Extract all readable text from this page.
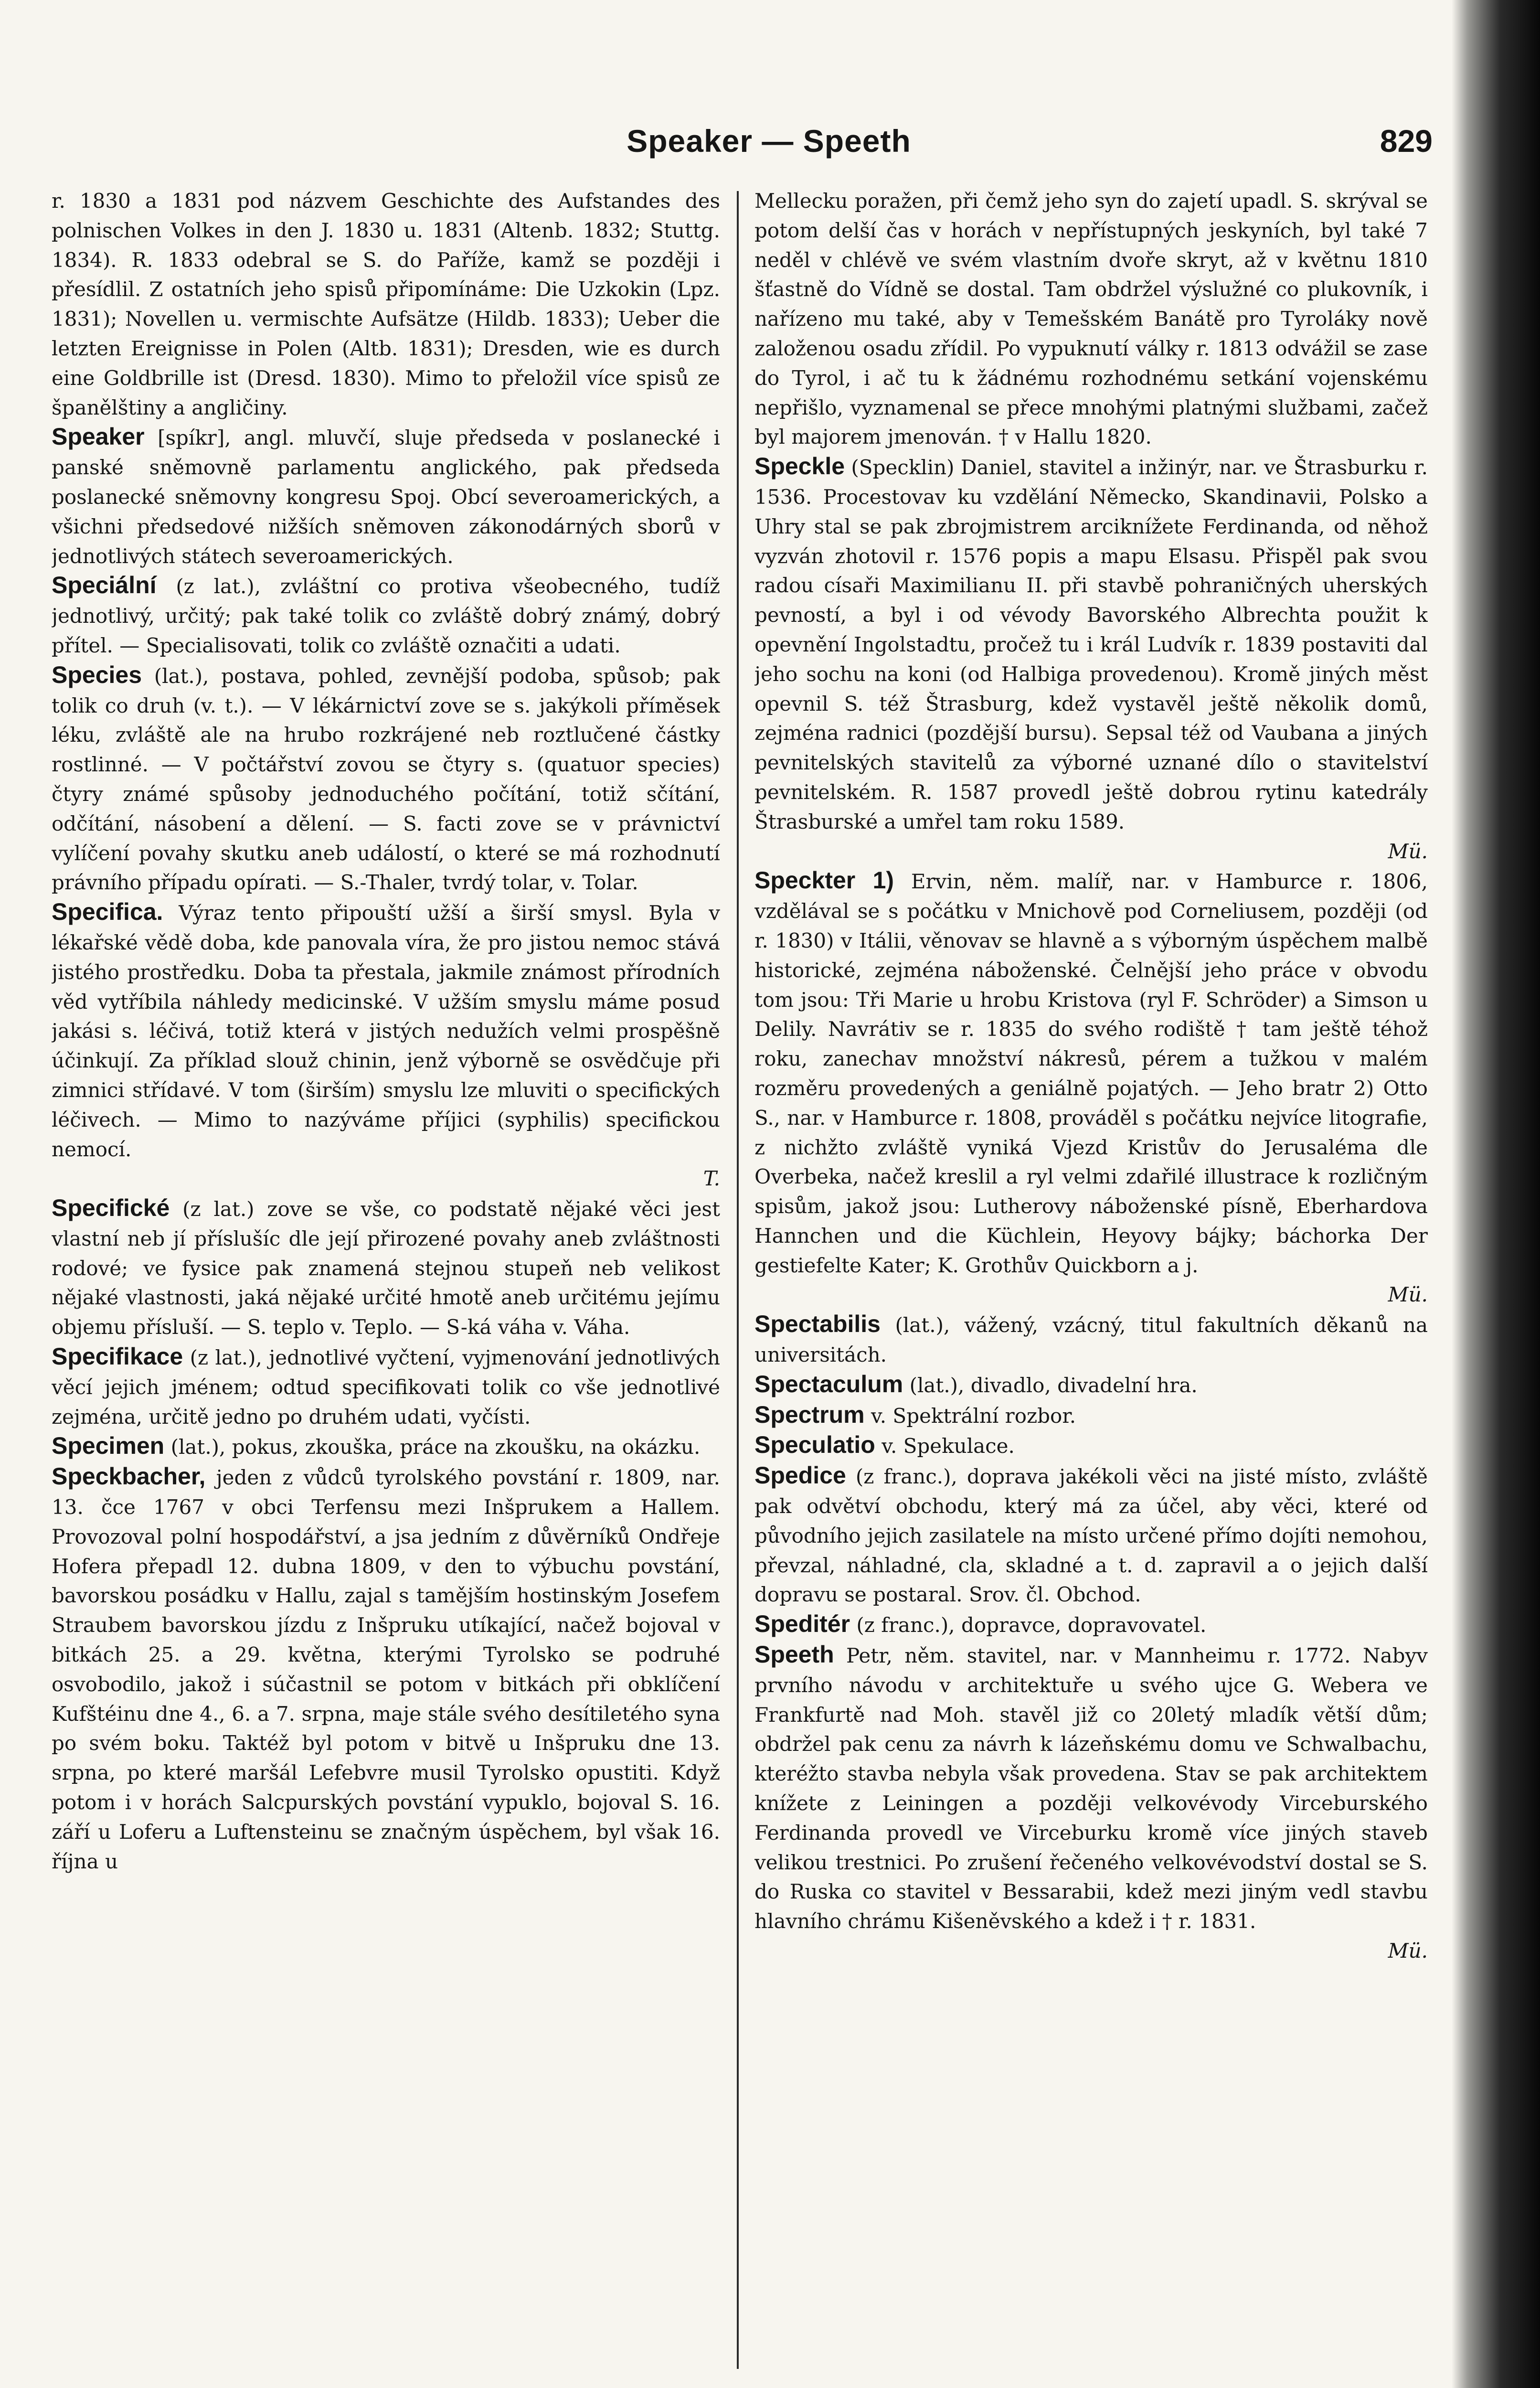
Speaker — Speeth	829

r. 1830 a 1831 pod názvem Geschichte des Aufstandes des polnischen Volkes in den J. 1830 u. 1831 (Altenb. 1832; Stuttg. 1834). R. 1833 odebral se S. do Paříže, kamž se později i přesídlil. Z ostatních jeho spisů připomínáme: Die Uzkokin (Lpz. 1831); Novellen u. vermischte Aufsätze (Hildb. 1833); Ueber die letzten Ereignisse in Polen (Altb. 1831); Dresden, wie es durch eine Goldbrille ist (Dresd. 1830). Mimo to přeložil více spisů ze španělštiny a angličiny.

Speaker [spíkr], angl. mluvčí, sluje předseda v poslanecké i panské sněmovně parlamentu anglického, pak předseda poslanecké sněmovny kongresu Spoj. Obcí severoamerických, a všichni předsedové nižších sněmoven zákonodárných sborů v jednotlivých státech severoamerických.

Speciální (z lat.), zvláštní co protiva všeobecného, tudíž jednotlivý, určitý; pak také tolik co zvláště dobrý známý, dobrý přítel. — Specialisovati, tolik co zvláště označiti a udati.

Species (lat.), postava, pohled, zevnější podoba, spůsob; pak tolik co druh (v. t.). — V lékárnictví zove se s. jakýkoli příměsek léku, zvláště ale na hrubo rozkrájené neb roztlučené částky rostlinné. — V počtářství zovou se čtyry s. (quatuor species) čtyry známé spůsoby jednoduchého počítání, totiž sčítání, odčítání, násobení a dělení. — S. facti zove se v právnictví vylíčení povahy skutku aneb událostí, o které se má rozhodnutí právního případu opírati. — S.-Thaler, tvrdý tolar, v. Tolar.

Specifica. Výraz tento připouští užší a širší smysl. Byla v lékařské vědě doba, kde panovala víra, že pro jistou nemoc stává jistého prostředku. Doba ta přestala, jakmile známost přírodních věd vytříbila náhledy medicinské. V užším smyslu máme posud jakási s. léčivá, totiž která v jistých nedužích velmi prospěšně účinkují. Za příklad slouž chinin, jenž výborně se osvědčuje při zimnici střídavé. V tom (širším) smyslu lze mluviti o specifických léčivech. — Mimo to nazýváme příjici (syphilis) specifickou nemocí.
T.

Specifické (z lat.) zove se vše, co podstatě nějaké věci jest vlastní neb jí příslušíc dle její přirozené povahy aneb zvláštnosti rodové; ve fysice pak znamená stejnou stupeň neb velikost nějaké vlastnosti, jaká nějaké určité hmotě aneb určitému jejímu objemu přísluší. — S. teplo v. Teplo. — S-ká váha v. Váha.

Specifikace (z lat.), jednotlivé vyčtení, vyjmenování jednotlivých věcí jejich jménem; odtud specifikovati tolik co vše jednotlivé zejména, určitě jedno po druhém udati, vyčísti.

Specimen (lat.), pokus, zkouška, práce na zkoušku, na okázku.

Speckbacher, jeden z vůdců tyrolského povstání r. 1809, nar. 13. čce 1767 v obci Terfensu mezi Inšprukem a Hallem. Provozoval polní hospodářství, a jsa jedním z důvěrníků Ondřeje Hofera přepadl 12. dubna 1809, v den to výbuchu povstání, bavorskou posádku v Hallu, zajal s tamějším hostinským Josefem Straubem bavorskou jízdu z Inšpruku utíkající, načež bojoval v bitkách 25. a 29. května, kterými Tyrolsko se podruhé osvobodilo, jakož i súčastnil se potom v bitkách při obklíčení Kufštéinu dne 4., 6. a 7. srpna, maje stále svého desítiletého syna po svém boku. Taktéž byl potom v bitvě u Inšpruku dne 13. srpna, po které maršál Lefebvre musil Tyrolsko opustiti. Když potom i v horách Salcpurských povstání vypuklo, bojoval S. 16. září u Loferu a Luftensteinu se značným úspěchem, byl však 16. října u

Mellecku poražen, při čemž jeho syn do zajetí upadl. S. skrýval se potom delší čas v horách v nepřístupných jeskyních, byl také 7 neděl v chlévě ve svém vlastním dvoře skryt, až v květnu 1810 šťastně do Vídně se dostal. Tam obdržel výslužné co plukovník, i nařízeno mu také, aby v Temešském Banátě pro Tyroláky nově založenou osadu zřídil. Po vypuknutí války r. 1813 odvážil se zase do Tyrol, i ač tu k žádnému rozhodnému setkání vojenskému nepřišlo, vyznamenal se přece mnohými platnými službami, začež byl majorem jmenován. † v Hallu 1820.

Speckle (Specklin) Daniel, stavitel a inžinýr, nar. ve Štrasburku r. 1536. Procestovav ku vzdělání Německo, Skandinavii, Polsko a Uhry stal se pak zbrojmistrem arciknížete Ferdinanda, od něhož vyzván zhotovil r. 1576 popis a mapu Elsasu. Přispěl pak svou radou císaři Maximilianu II. při stavbě pohraničných uherských pevností, a byl i od vévody Bavorského Albrechta použit k opevnění Ingolstadtu, pročež tu i král Ludvík r. 1839 postaviti dal jeho sochu na koni (od Halbiga provedenou). Kromě jiných měst opevnil S. též Štrasburg, kdež vystavěl ještě několik domů, zejména radnici (pozdější bursu). Sepsal též od Vaubana a jiných pevnitelských stavitelů za výborné uznané dílo o stavitelství pevnitelském. R. 1587 provedl ještě dobrou rytinu katedrály Štrasburské a umřel tam roku 1589.
Mü.

Speckter 1) Ervin, něm. malíř, nar. v Hamburce r. 1806, vzdělával se s počátku v Mnichově pod Corneliusem, později (od r. 1830) v Itálii, věnovav se hlavně a s výborným úspěchem malbě historické, zejména náboženské. Čelnější jeho práce v obvodu tom jsou: Tři Marie u hrobu Kristova (ryl F. Schröder) a Simson u Delily. Navrátiv se r. 1835 do svého rodiště † tam ještě téhož roku, zanechav množství nákresů, pérem a tužkou v malém rozměru provedených a geniálně pojatých. — Jeho bratr 2) Otto S., nar. v Hamburce r. 1808, prováděl s počátku nejvíce litografie, z nichžto zvláště vyniká Vjezd Kristův do Jerusaléma dle Overbeka, načež kreslil a ryl velmi zdařilé illustrace k rozličným spisům, jakož jsou: Lutherovy náboženské písně, Eberhardova Hannchen und die Küchlein, Heyovy bájky; báchorka Der gestiefelte Kater; K. Grothův Quickborn a j.
Mü.

Spectabilis (lat.), vážený, vzácný, titul fakultních děkanů na universitách.

Spectaculum (lat.), divadlo, divadelní hra.

Spectrum v. Spektrální rozbor.

Speculatio v. Spekulace.

Spedice (z franc.), doprava jakékoli věci na jisté místo, zvláště pak odvětví obchodu, který má za účel, aby věci, které od původního jejich zasilatele na místo určené přímo dojíti nemohou, převzal, náhladné, cla, skladné a t. d. zapravil a o jejich další dopravu se postaral. Srov. čl. Obchod.

Speditér (z franc.), dopravce, dopravovatel.

Speeth Petr, něm. stavitel, nar. v Mannheimu r. 1772. Nabyv prvního návodu v architektuře u svého ujce G. Webera ve Frankfurtě nad Moh. stavěl již co 20letý mladík větší dům; obdržel pak cenu za návrh k lázeňskému domu ve Schwalbachu, kteréžto stavba nebyla však provedena. Stav se pak architektem knížete z Leiningen a později velkovévody Virceburského Ferdinanda provedl ve Virceburku kromě více jiných staveb velikou trestnici. Po zrušení řečeného velkovévodství dostal se S. do Ruska co stavitel v Bessarabii, kdež mezi jiným vedl stavbu hlavního chrámu Kišeněvského a kdež i † r. 1831.
Mü.
